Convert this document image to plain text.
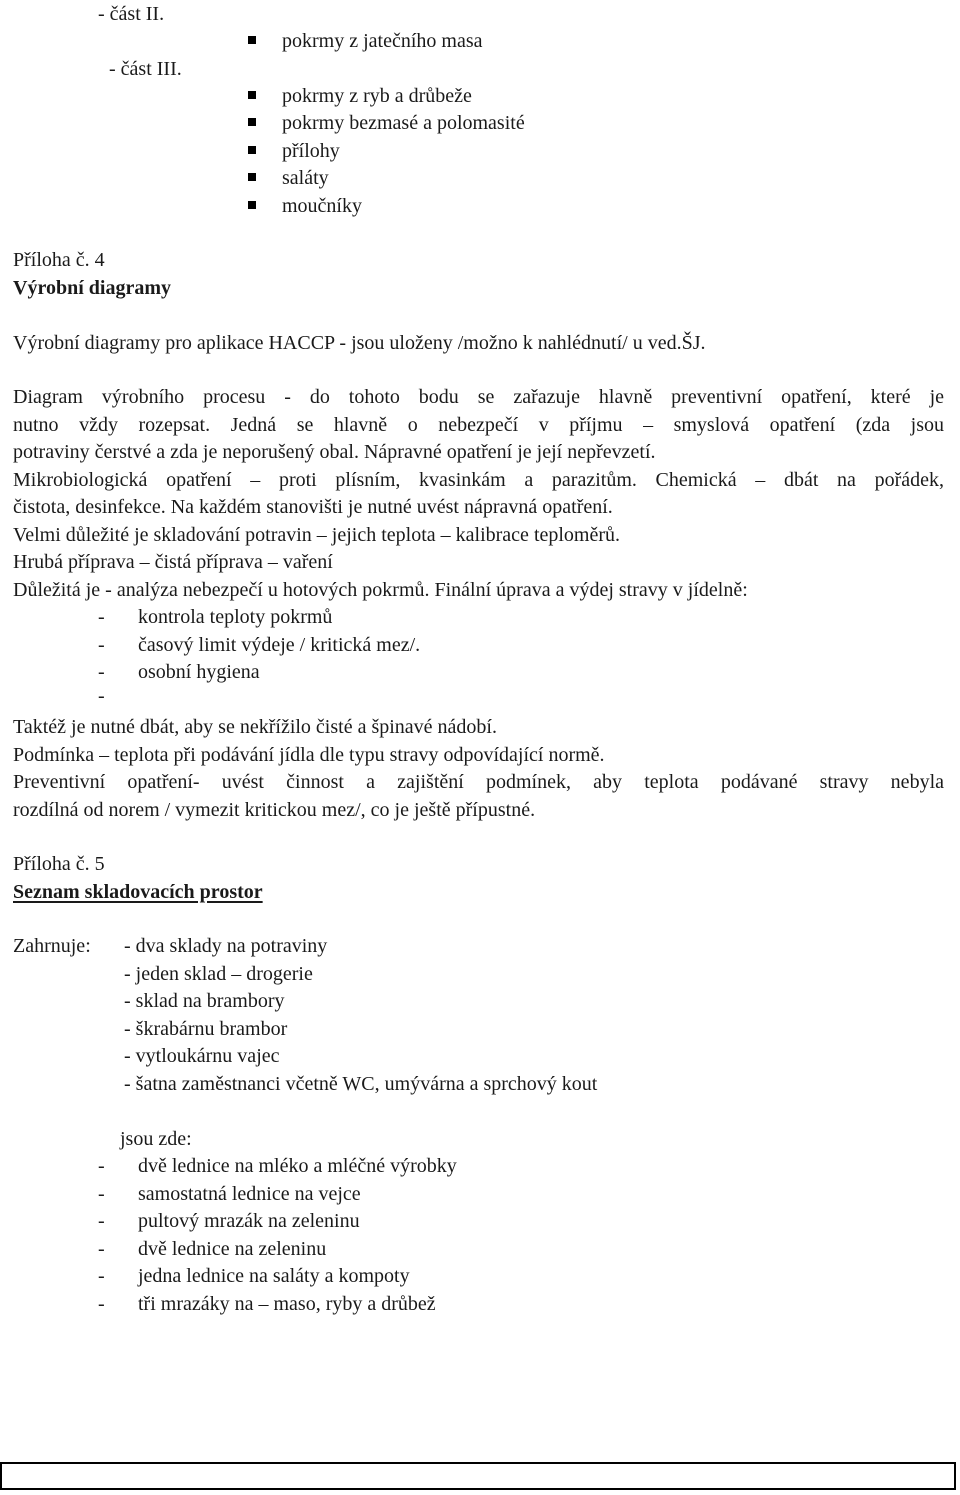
- část II.
- část III.
pokrmy z jatečního masa
pokrmy z ryb a drůbeže
pokrmy bezmasé a polomasité
přílohy
saláty
moučníky
Příloha č. 4
Výrobní diagramy
Výrobní diagramy pro aplikace HACCP - jsou uloženy /možno k nahlédnutí/ u ved.ŠJ.
Diagram výrobního procesu - do tohoto bodu se zařazuje hlavně preventivní opatření, které je
nutno vždy rozepsat. Jedná se hlavně o nebezpečí v příjmu – smyslová opatření (zda jsou
potraviny čerstvé a zda je neporušený obal. Nápravné opatření je její nepřevzetí.
Mikrobiologická opatření – proti plísním, kvasinkám a parazitům. Chemická – dbát na pořádek,
čistota, desinfekce. Na každém stanovišti je nutné uvést nápravná opatření.
Velmi důležité je skladování potravin – jejich teplota – kalibrace teploměrů.
Hrubá příprava – čistá příprava – vaření
Důležitá je - analýza nebezpečí u hotových pokrmů. Finální úprava a výdej stravy v jídelně:
- kontrola teploty pokrmů
- časový limit výdeje / kritická mez/.
- osobní hygiena
-
Taktéž je nutné dbát, aby se nekřížilo čisté a špinavé nádobí.
Podmínka – teplota při podávání jídla dle typu stravy odpovídající normě.
Preventivní opatření- uvést činnost a zajištění podmínek, aby teplota podávané stravy nebyla
rozdílná od norem / vymezit kritickou mez/, co je ještě přípustné.
Příloha č. 5
Seznam skladovacích prostor
Zahrnuje: - dva sklady na potraviny
- jeden sklad – drogerie
- sklad na brambory
- škrabárnu brambor
- vytloukárnu vajec
- šatna zaměstnanci včetně WC, umývárna a sprchový kout
jsou zde:
- dvě lednice na mléko a mléčné výrobky
- samostatná lednice na vejce
- pultový mrazák na zeleninu
- dvě lednice na zeleninu
- jedna lednice na saláty a kompoty
- tři mrazáky na – maso, ryby a drůbež
